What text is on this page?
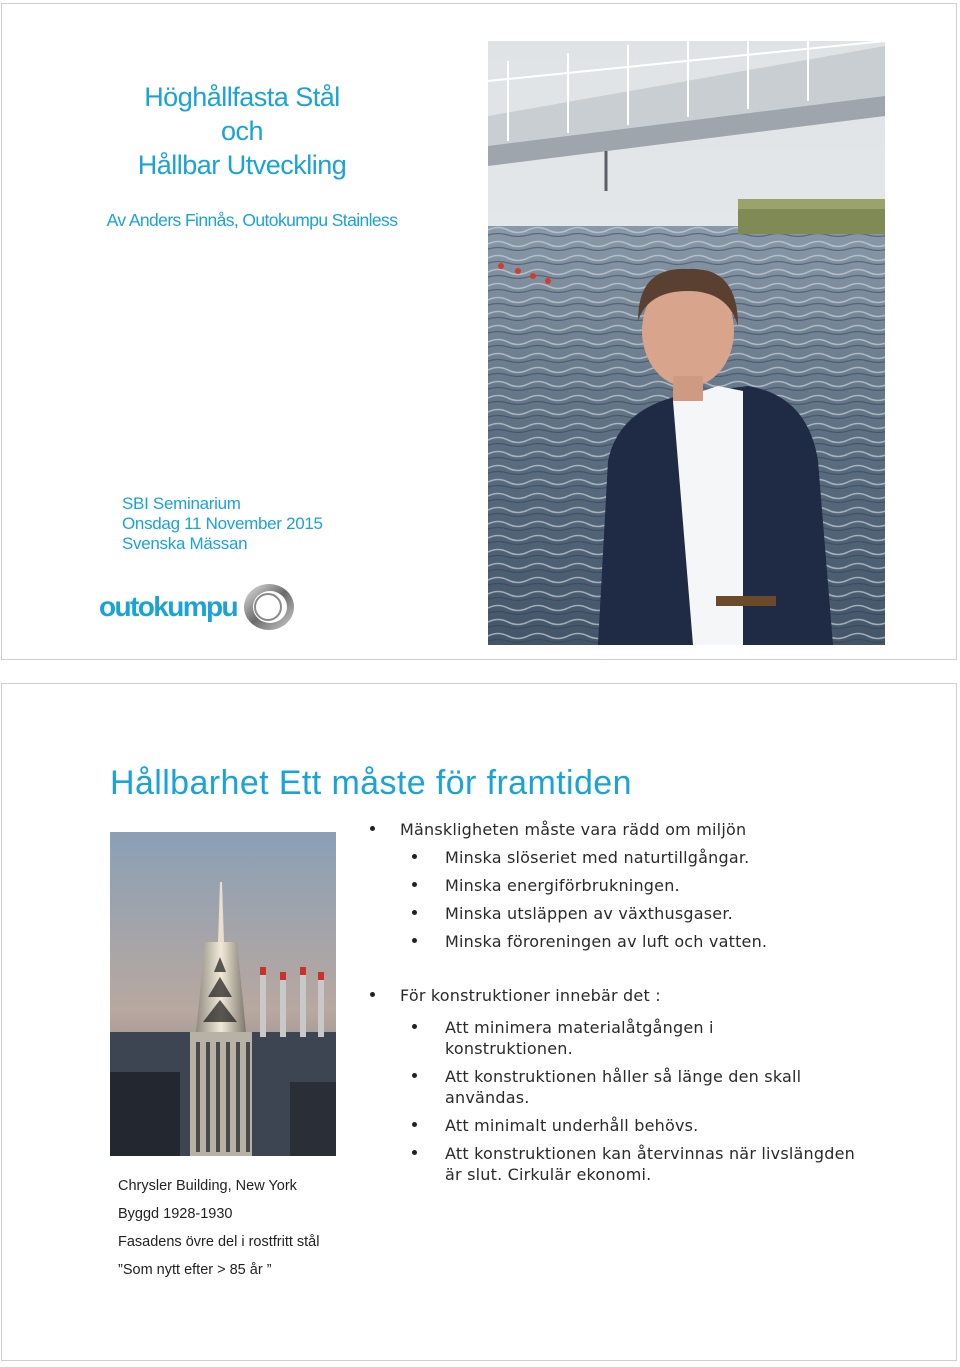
Höghållfasta Stål
och
Hållbar Utveckling
Av Anders Finnås, Outokumpu Stainless
SBI Seminarium
Onsdag 11 November 2015
Svenska Mässan
outokumpu
Hållbarhet Ett måste för framtiden
Chrysler Building, New York
Byggd 1928-1930
Fasadens övre del i rostfritt stål
”Som nytt efter > 85 år ”
Mänskligheten måste vara rädd om miljön
Minska slöseriet med naturtillgångar.
Minska energiförbrukningen.
Minska utsläppen av växthusgaser.
Minska föroreningen av luft och vatten.
För konstruktioner innebär det :
Att minimera materialåtgången i konstruktionen.
Att konstruktionen håller så länge den skall användas.
Att minimalt underhåll behövs.
Att konstruktionen kan återvinnas när livslängden är slut. Cirkulär ekonomi.
